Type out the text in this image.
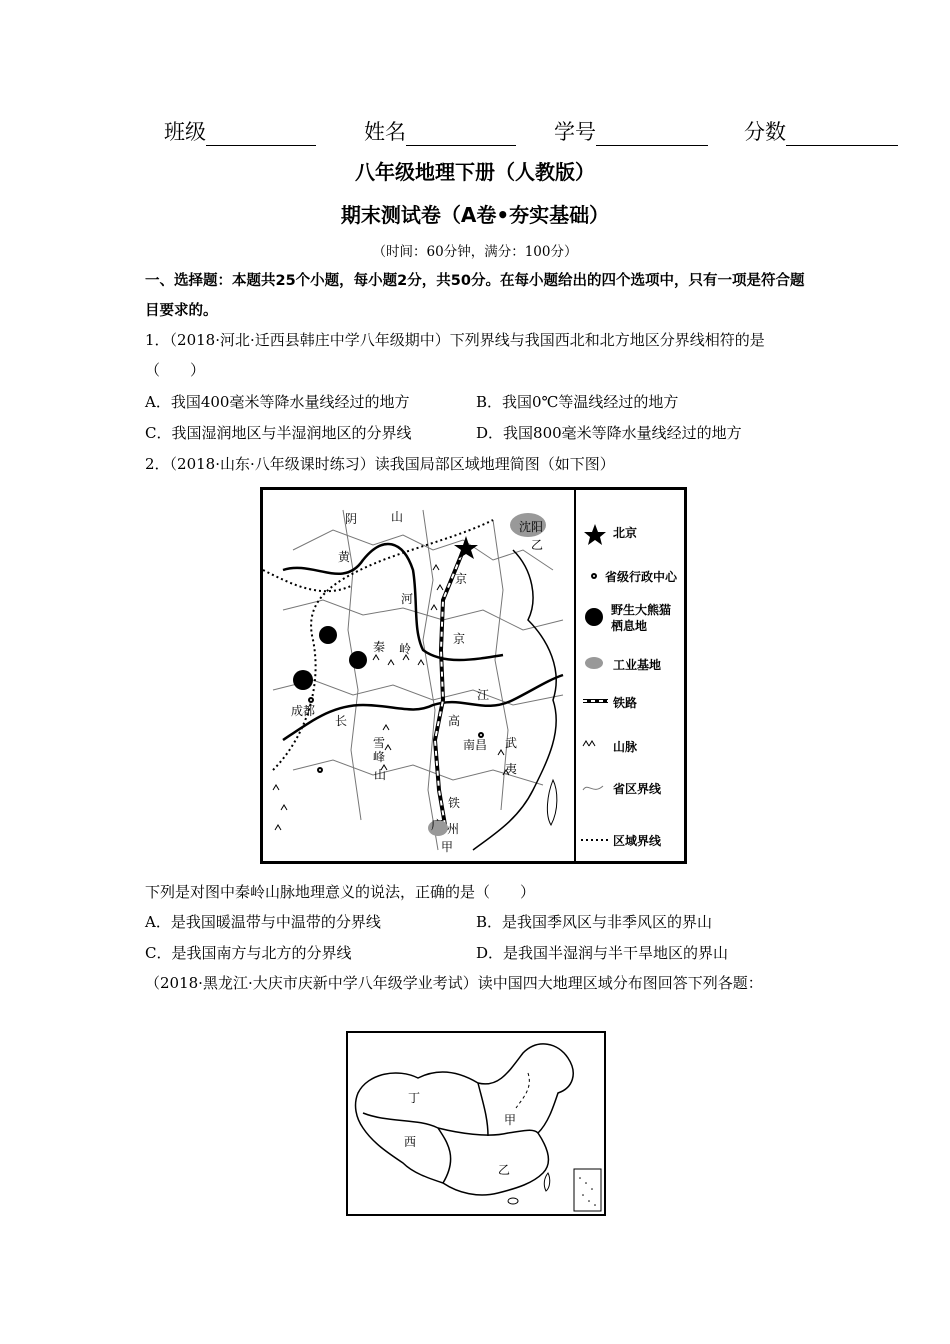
班级	姓名	学号	分数
八年级地理下册（人教版）
期末测试卷（A卷•夯实基础）
（时间：60分钟，满分：100分）
一、选择题：本题共25个小题，每小题2分，共50分。在每小题给出的四个选项中，只有一项是符合题目要求的。
1．（2018·河北·迁西县韩庄中学八年级期中）下列界线与我国西北和北方地区分界线相符的是（　　）
A．我国400毫米等降水量线经过的地方	B．我国0℃等温线经过的地方
C．我国湿润地区与半湿润地区的分界线	D．我国800毫米等降水量线经过的地方
2．（2018·山东·八年级课时练习）读我国局部区域地理简图（如下图）
北京
省级行政中心
野生大熊猫栖息地
工业基地
铁路
山脉
省区界线
区域界线
阴	山
沈阳
乙
京
黄
河
秦 岭
成都
长
江
雪峰
山
南昌 武
夷
京
高
铁
广 州
甲
下列是对图中秦岭山脉地理意义的说法，正确的是（　　）
A．是我国暖温带与中温带的分界线	B．是我国季风区与非季风区的界山
C．是我国南方与北方的分界线	D．是我国半湿润与半干旱地区的界山
（2018·黑龙江·大庆市庆新中学八年级学业考试）读中国四大地理区域分布图回答下列各题：
丁
甲
西
乙
